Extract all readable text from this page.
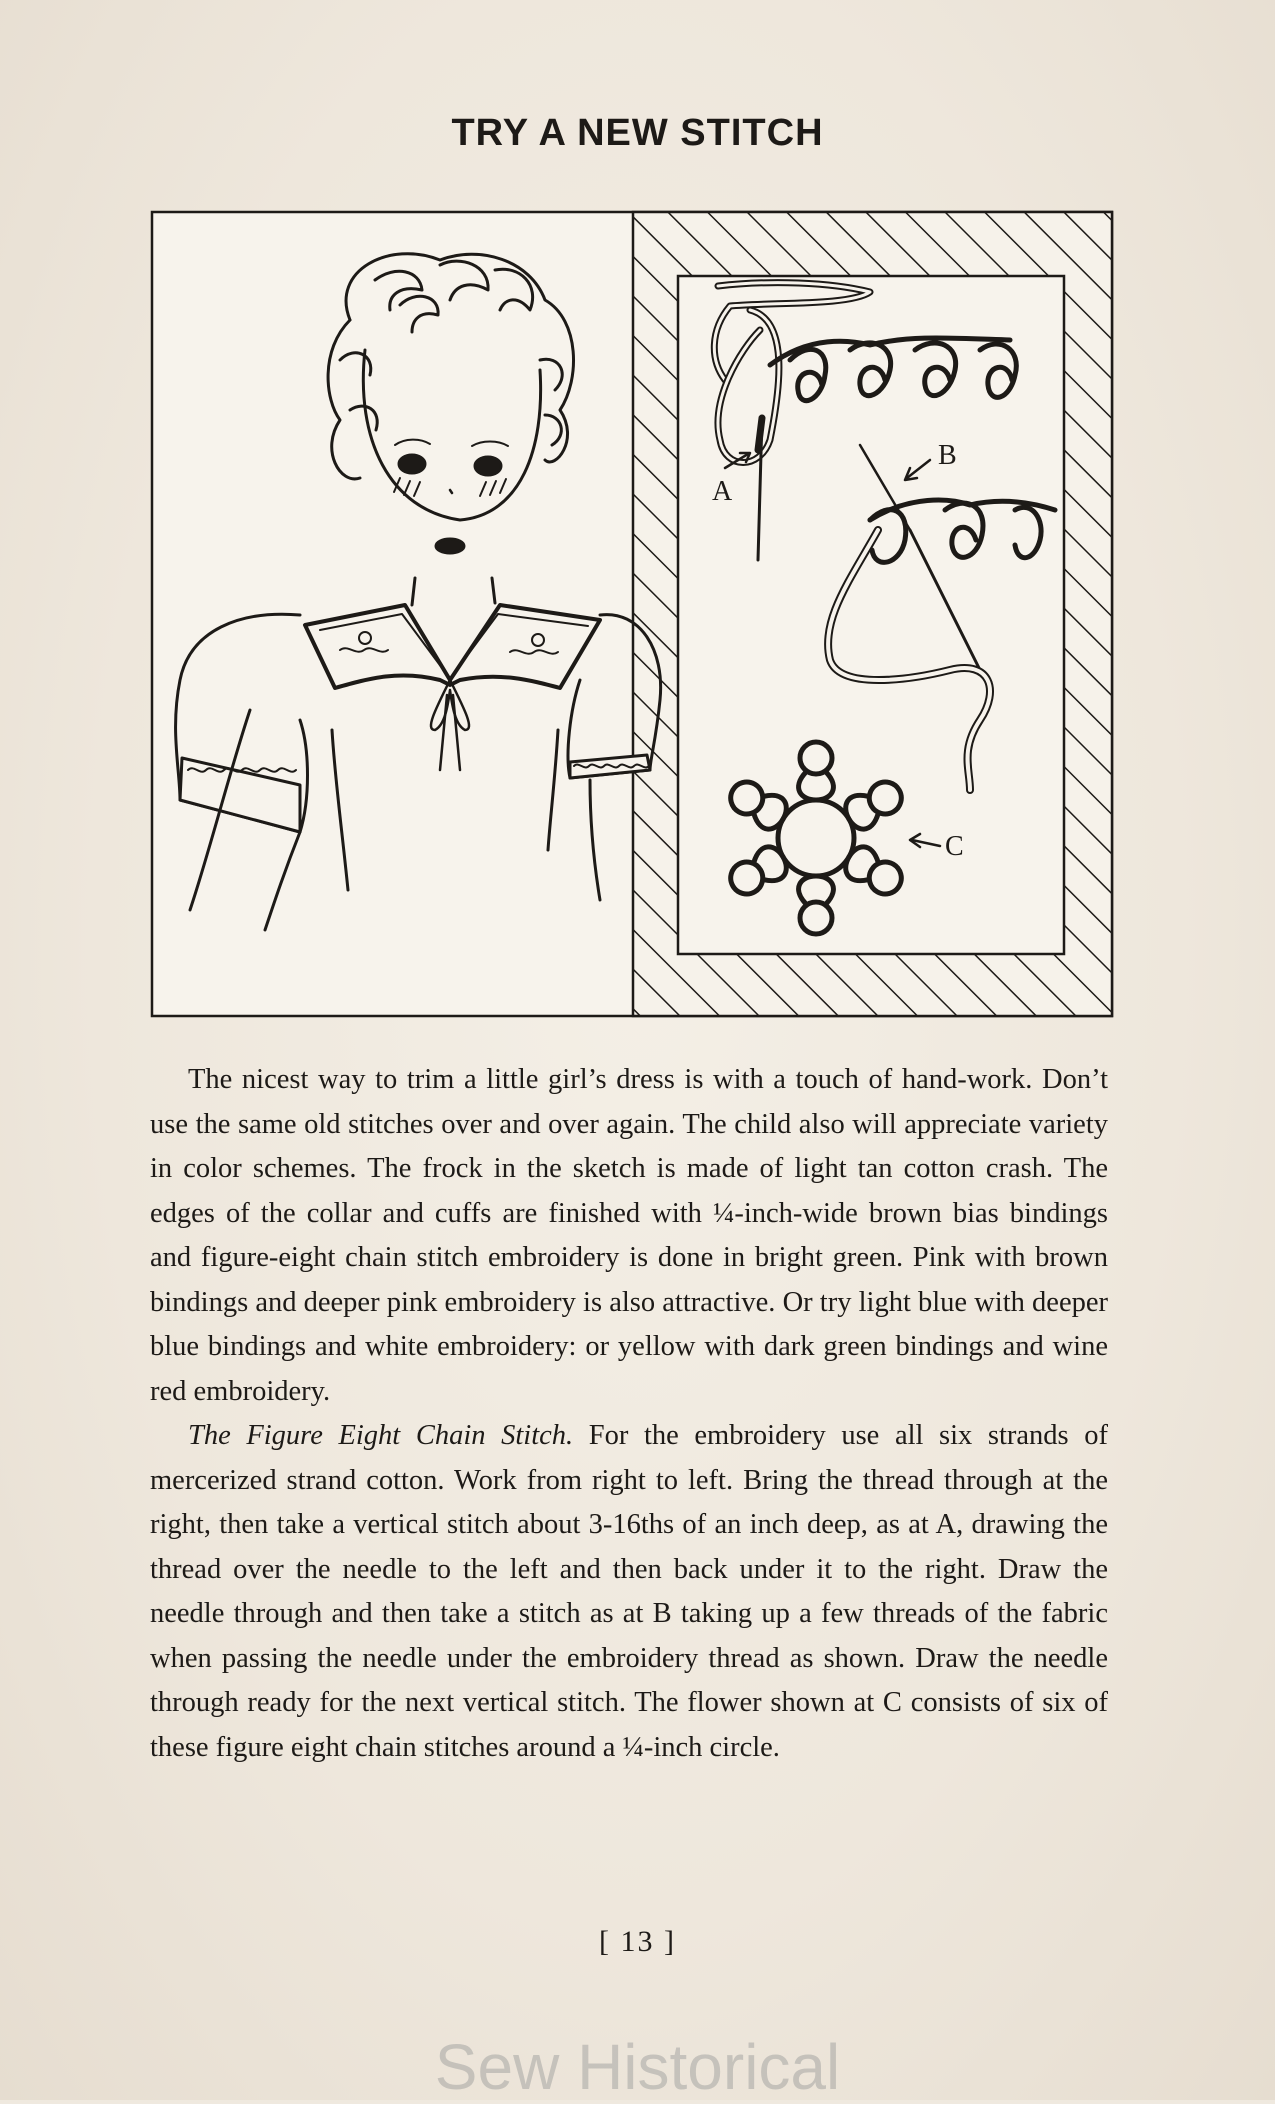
TRY A NEW STITCH
A
B
C

The nicest way to trim a little girl’s dress is with a touch of hand-work. Don’t use the same old stitches over and over again. The child also will appreciate variety in color schemes. The frock in the sketch is made of light tan cotton crash. The edges of the collar and cuffs are finished with ¼-inch-wide brown bias bindings and figure-eight chain stitch embroidery is done in bright green. Pink with brown bindings and deeper pink embroidery is also attractive. Or try light blue with deeper blue bindings and white embroidery: or yellow with dark green bindings and wine red embroidery.

The Figure Eight Chain Stitch. For the embroidery use all six strands of mercerized strand cotton. Work from right to left. Bring the thread through at the right, then take a vertical stitch about 3-16ths of an inch deep, as at A, drawing the thread over the needle to the left and then back under it to the right. Draw the needle through and then take a stitch as at B taking up a few threads of the fabric when passing the needle under the embroidery thread as shown. Draw the needle through ready for the next vertical stitch. The flower shown at C consists of six of these figure eight chain stitches around a ¼-inch circle.

[ 13 ]
Sew Historical
